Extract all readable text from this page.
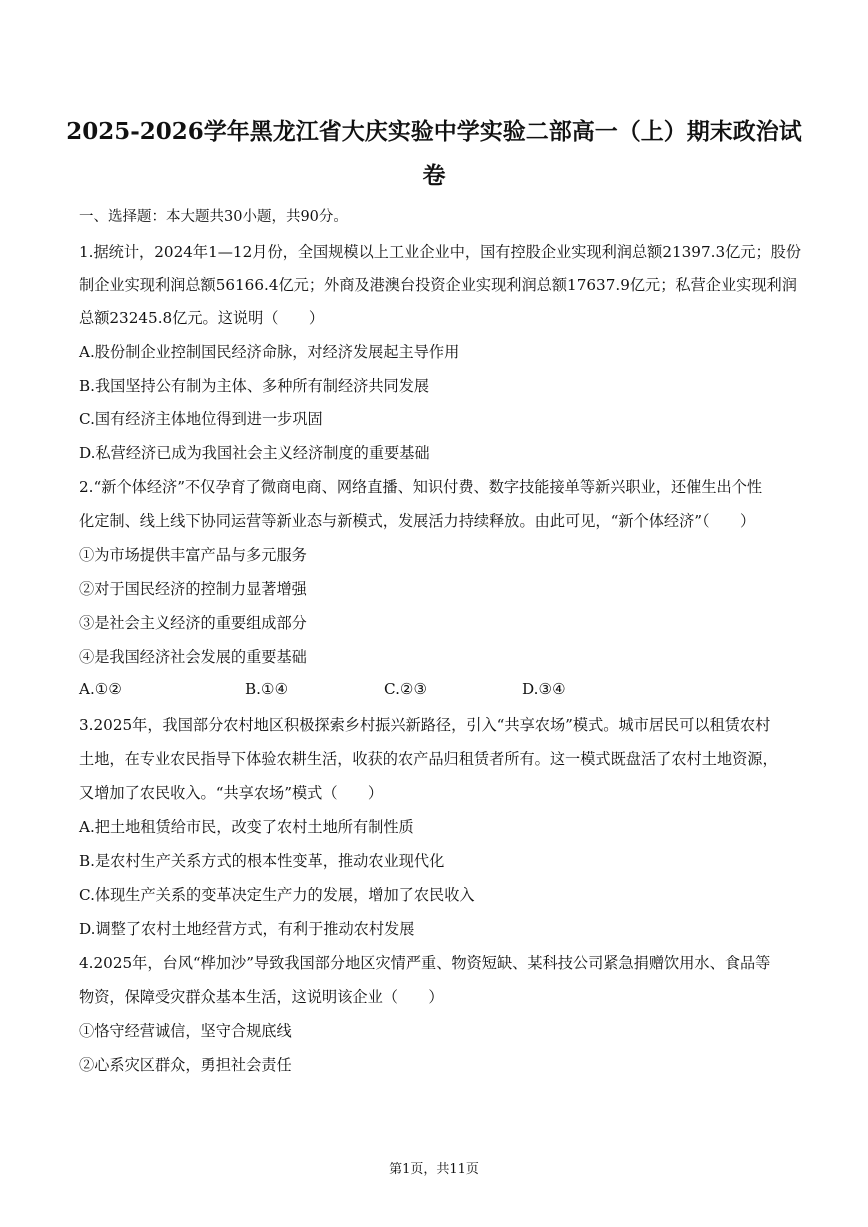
2025-2026学年黑龙江省大庆实验中学实验二部高一（上）期末政治试
卷
一、选择题：本大题共30小题，共90分。
1.据统计，2024年1—12月份，全国规模以上工业企业中，国有控股企业实现利润总额21397.3亿元；股份
制企业实现利润总额56166.4亿元；外商及港澳台投资企业实现利润总额17637.9亿元；私营企业实现利润
总额23245.8亿元。这说明（　　）
A.股份制企业控制国民经济命脉，对经济发展起主导作用
B.我国坚持公有制为主体、多种所有制经济共同发展
C.国有经济主体地位得到进一步巩固
D.私营经济已成为我国社会主义经济制度的重要基础
2.“新个体经济”不仅孕育了微商电商、网络直播、知识付费、数字技能接单等新兴职业，还催生出个性
化定制、线上线下协同运营等新业态与新模式，发展活力持续释放。由此可见，“新个体经济”（　　）
①为市场提供丰富产品与多元服务
②对于国民经济的控制力显著增强
③是社会主义经济的重要组成部分
④是我国经济社会发展的重要基础
A.①②	B.①④	C.②③	D.③④
3.2025年，我国部分农村地区积极探索乡村振兴新路径，引入“共享农场”模式。城市居民可以租赁农村
土地，在专业农民指导下体验农耕生活，收获的农产品归租赁者所有。这一模式既盘活了农村土地资源，
又增加了农民收入。“共享农场”模式（　　）
A.把土地租赁给市民，改变了农村土地所有制性质
B.是农村生产关系方式的根本性变革，推动农业现代化
C.体现生产关系的变革决定生产力的发展，增加了农民收入
D.调整了农村土地经营方式，有利于推动农村发展
4.2025年，台风“桦加沙”导致我国部分地区灾情严重、物资短缺、某科技公司紧急捐赠饮用水、食品等
物资，保障受灾群众基本生活，这说明该企业（　　）
①恪守经营诚信，坚守合规底线
②心系灾区群众，勇担社会责任
第1页，共11页
